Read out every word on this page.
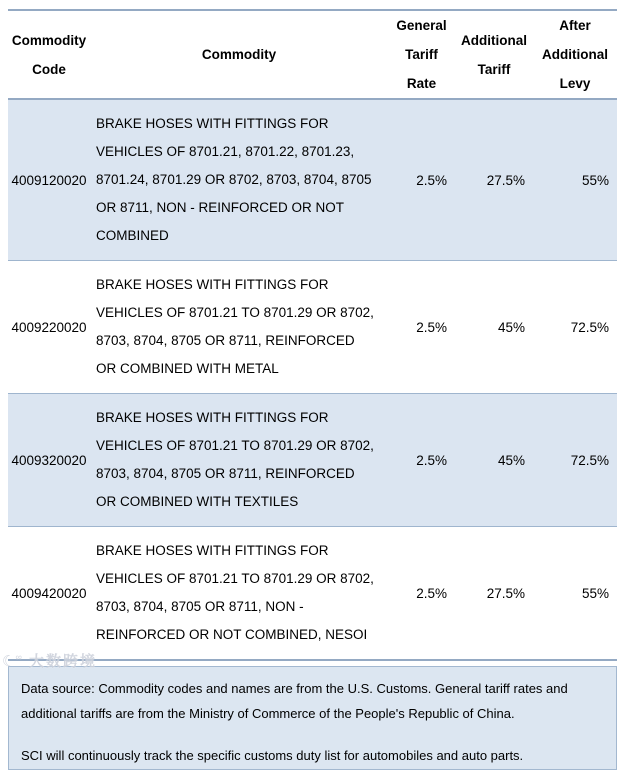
Commodity Code	Commodity	General Tariff Rate	Additional Tariff	After Additional Levy
4009120020	BRAKE HOSES WITH FITTINGS FOR VEHICLES OF 8701.21, 8701.22, 8701.23, 8701.24, 8701.29 OR 8702, 8703, 8704, 8705 OR 8711, NON - REINFORCED OR NOT COMBINED	2.5%	27.5%	55%
4009220020	BRAKE HOSES WITH FITTINGS FOR VEHICLES OF 8701.21 TO 8701.29 OR 8702, 8703, 8704, 8705 OR 8711, REINFORCED OR COMBINED WITH METAL	2.5%	45%	72.5%
4009320020	BRAKE HOSES WITH FITTINGS FOR VEHICLES OF 8701.21 TO 8701.29 OR 8702, 8703, 8704, 8705 OR 8711, REINFORCED OR COMBINED WITH TEXTILES	2.5%	45%	72.5%
4009420020	BRAKE HOSES WITH FITTINGS FOR VEHICLES OF 8701.21 TO 8701.29 OR 8702, 8703, 8704, 8705 OR 8711, NON - REINFORCED OR NOT COMBINED, NESOI	2.5%	27.5%	55%

Data source: Commodity codes and names are from the U.S. Customs. General tariff rates and additional tariffs are from the Ministry of Commerce of the People's Republic of China.

SCI will continuously track the specific customs duty list for automobiles and auto parts.

☾∞ 大数跨境
